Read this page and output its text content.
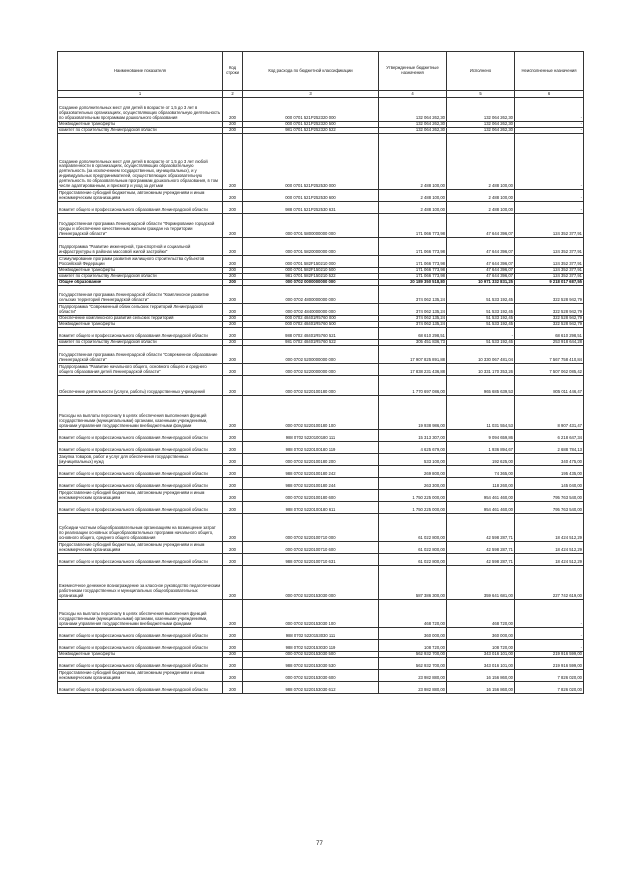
Наименование показателя	Код строки	Код расхода по бюджетной классификации	Утвержденные бюджетные назначения	Исполнено	Неисполненные назначения
1	2	3	4	5	6
Создание дополнительных мест для детей в возрасте от 1,5 до 3 лет в образовательных организациях, осуществляющих образовательную деятельность по образовательным программам дошкольного образования	200	000 0701 521P252320 000	132 064 262,30	132 064 262,30	-
Межбюджетные трансферты	200	000 0701 521P252320 500	132 064 262,30	132 064 262,30	-
комитет по строительству Ленинградской области	200	981 0701 521P252320 522	132 064 262,30	132 064 262,30	-
Создание дополнительных мест для детей в возрасте от 1,5 до 3 лет любой направленности в организациях, осуществляющих образовательную деятельность (за исключением государственных, муниципальных), и у индивидуальных предпринимателей, осуществляющих образовательную деятельность по образовательным программам дошкольного образования, в том числе адаптированным, и присмотр и уход за детьми	200	000 0701 521P252530 000	2 488 100,00	2 488 100,00	-
Предоставление субсидий бюджетным, автономным учреждениям и иным некоммерческим организациям	200	000 0701 521P252530 600	2 488 100,00	2 488 100,00	-
Комитет общего и профессионального образования Ленинградской области	200	988 0701 521P252530 631	2 488 100,00	2 488 100,00	-
Государственная программа Ленинградской области "Формирование городской среды и обеспечение качественным жильем граждан на территории Ленинградской области"	200	000 0701 5800000000 000	171 066 773,98	47 644 396,07	124 352 377,91
Подпрограмма "Развитие инженерной, транспортной и социальной инфраструктуры в районах массовой жилой застройки"	200	000 0701 5820000000 000	171 066 773,98	47 644 396,07	124 352 377,91
Стимулирование программ развития жилищного строительства субъектов Российской Федерации	200	000 0701 582F150210 000	171 066 773,98	47 644 396,07	124 352 377,91
Межбюджетные трансферты	200	000 0701 582F150210 500	171 066 773,98	47 644 396,07	124 352 377,91
комитет по строительству Ленинградской области	200	981 0701 582F150210 522	171 066 773,98	47 644 396,07	124 352 377,91
Общее образование	200	000 0702 0000000000 000	20 189 350 518,80	10 971 332 831,25	9 218 017 687,55
Государственная программа Ленинградской области "Комплексное развитие сельских территорий Ленинградской области"	200	000 0702 4800000000 000	374 062 135,24	51 533 192,45	322 528 942,79
Подпрограмма "Современный облик сельских территорий Ленинградской области"	200	000 0702 4840000000 000	374 062 135,24	51 533 192,45	322 528 942,79
Обеспечение комплексного развития сельских территорий	200	000 0702 48401R5760 000	374 062 135,24	51 533 192,45	322 528 942,79
Межбюджетные трансферты	200	000 0702 48401R5760 500	374 062 135,24	51 533 192,45	322 528 942,79
Комитет общего и профессионального образования Ленинградской области	200	988 0702 48401R5760 521	68 610 298,51	-	68 610 298,51
комитет по строительству Ленинградской области	200	981 0702 48401R5760 522	305 451 836,73	51 533 192,45	253 918 644,28
Государственная программа Ленинградской области "Современное образование Ленинградской области"	200	000 0702 5200000000 000	17 907 825 891,88	10 330 067 481,04	7 567 758 410,84
Подпрограмма "Развитие начального общего, основного общего и среднего общего образования детей Ленинградской области"	200	000 0702 5220000000 000	17 838 231 436,88	10 331 170 353,26	7 507 062 085,42
Обеспечение деятельности (услуги, работы) государственных учреждений	200	000 0702 5220100180 000	1 770 697 086,00	965 685 639,53	805 011 446,47
Расходы на выплаты персоналу в целях обеспечения выполнения функций государственными (муниципальными) органами, казенными учреждениями, органами управления государственными внебюджетными фондами	200	000 0702 5220100180 100	19 938 986,00	11 031 554,53	8 907 431,47
Комитет общего и профессионального образования Ленинградской области	200	988 0702 5220100180 111	15 313 307,00	9 094 659,86	6 218 647,34
Комитет общего и профессионального образования Ленинградской области	200	988 0702 5220100180 119	4 625 679,00	1 936 894,67	2 688 784,13
Закупка товаров, работ и услуг для обеспечения государственных (муниципальных) нужд	200	000 0702 5220100180 200	533 100,00	192 625,00	340 475,00
Комитет общего и профессионального образования Ленинградской области	200	988 0702 5220100180 242	269 800,00	74 365,00	195 435,00
Комитет общего и профессионального образования Ленинградской области	200	988 0702 5220100180 244	263 300,00	118 260,00	145 040,00
Предоставление субсидий бюджетным, автономным учреждениям и иным некоммерческим организациям	200	000 0702 5220100180 600	1 750 225 000,00	954 461 460,00	795 763 540,00
Комитет общего и профессионального образования Ленинградской области	200	988 0702 5220100180 611	1 750 225 000,00	954 461 460,00	795 763 540,00
Субсидии частным общеобразовательным организациям на возмещение затрат по реализации основных общеобразовательных программ начального общего, основного общего, среднего общего образования	200	000 0702 5220100710 000	61 022 800,00	42 598 287,71	18 424 512,29
Предоставление субсидий бюджетным, автономным учреждениям и иным некоммерческим организациям	200	000 0702 5220100710 600	61 022 800,00	42 598 287,71	18 424 512,29
Комитет общего и профессионального образования Ленинградской области	200	988 0702 5220100710 631	61 022 800,00	42 598 287,71	18 424 512,29
Ежемесячное денежное вознаграждение за классное руководство педагогическим работникам государственных и муниципальных общеобразовательных организаций	200	000 0702 5220153030 000	587 386 300,00	359 641 681,00	227 742 619,00
Расходы на выплаты персоналу в целях обеспечения выполнения функций государственными (муниципальными) органами, казенными учреждениями, органами управления государственными внебюджетными фондами	200	000 0702 5220153030 100	468 720,00	468 720,00	-
Комитет общего и профессионального образования Ленинградской области	200	988 0702 5220153030 111	360 000,00	360 000,00	-
Комитет общего и профессионального образования Ленинградской области	200	988 0702 5220153030 119	108 720,00	108 720,00	-
Межбюджетные трансферты	200	000 0702 5220153030 500	562 932 700,00	343 016 101,00	219 916 599,00
Комитет общего и профессионального образования Ленинградской области	200	988 0702 5220153030 530	562 932 700,00	343 016 101,00	219 916 599,00
Предоставление субсидий бюджетным, автономным учреждениям и иным некоммерческим организациям	200	000 0702 5220153030 600	23 982 880,00	16 156 860,00	7 826 020,00
Комитет общего и профессионального образования Ленинградской области	200	988 0702 5220153030 612	23 982 880,00	16 156 860,00	7 826 020,00
77
